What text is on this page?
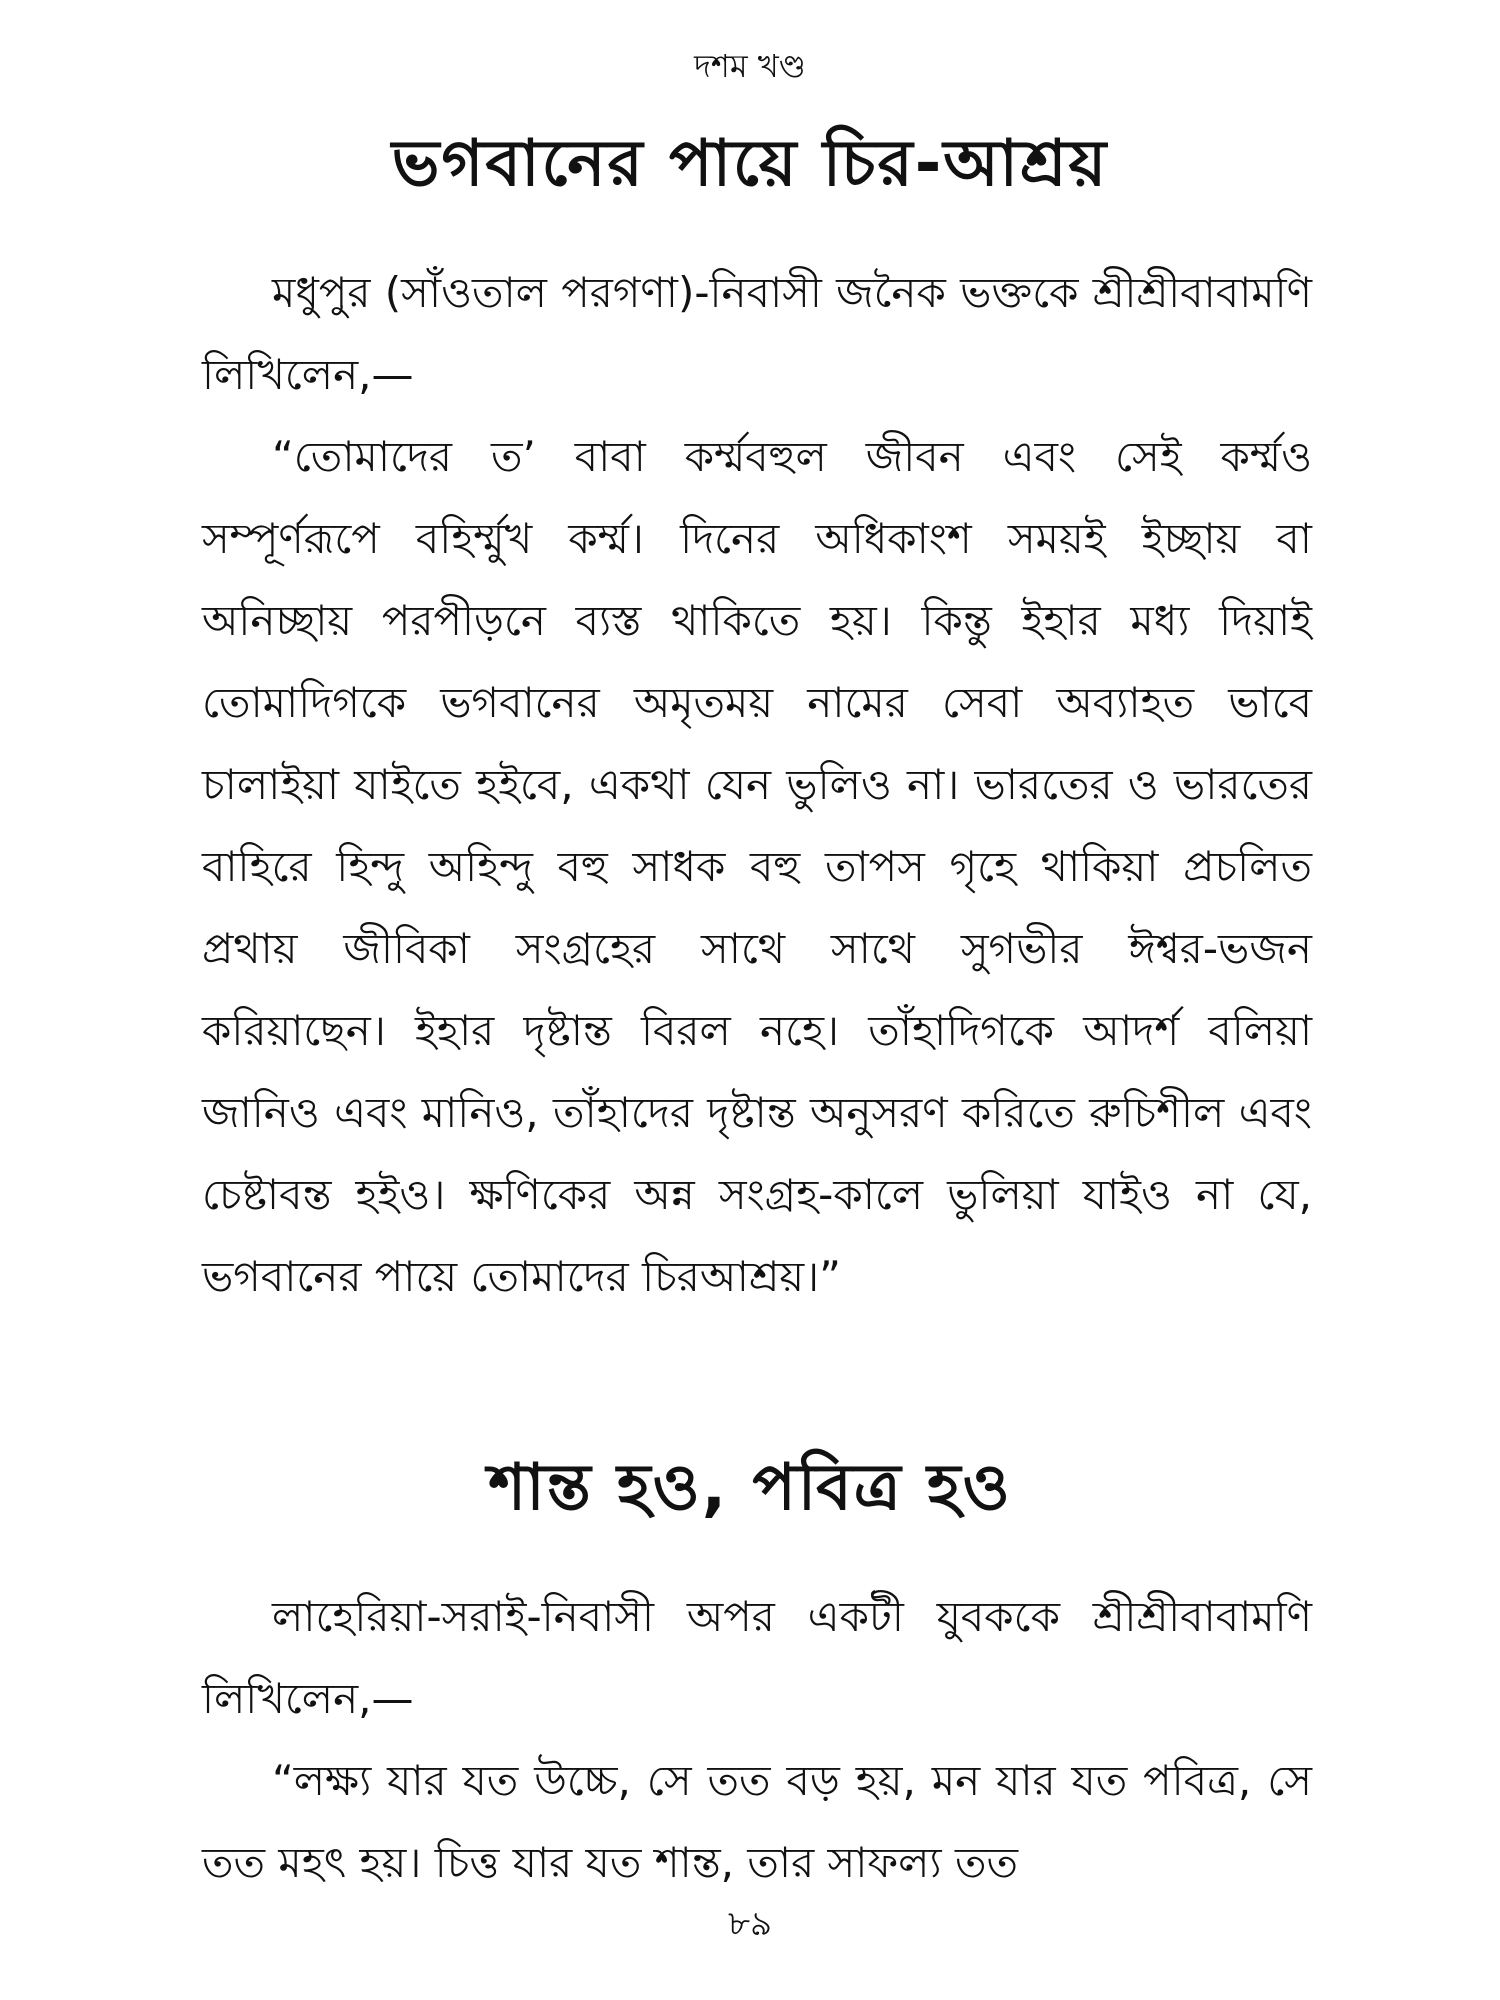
দশম খণ্ড
ভগবানের পায়ে চির-আশ্রয়

মধুপুর (সাঁওতাল পরগণা)-নিবাসী জনৈক ভক্তকে শ্রীশ্রীবাবামণি লিখিলেন,—

“তোমাদের ত’ বাবা কর্ম্মবহুল জীবন এবং সেই কর্ম্মও সম্পূর্ণরূপে বহির্ম্মুখ কর্ম্ম। দিনের অধিকাংশ সময়ই ইচ্ছায় বা অনিচ্ছায় পরপীড়নে ব্যস্ত থাকিতে হয়। কিন্তু ইহার মধ্য দিয়াই তোমাদিগকে ভগবানের অমৃতময় নামের সেবা অব্যাহত ভাবে চালাইয়া যাইতে হইবে, একথা যেন ভুলিও না। ভারতের ও ভারতের বাহিরে হিন্দু অহিন্দু বহু সাধক বহু তাপস গৃহে থাকিয়া প্রচলিত প্রথায় জীবিকা সংগ্রহের সাথে সাথে সুগভীর ঈশ্বর-ভজন করিয়াছেন। ইহার দৃষ্টান্ত বিরল নহে। তাঁহাদিগকে আদর্শ বলিয়া জানিও এবং মানিও, তাঁহাদের দৃষ্টান্ত অনুসরণ করিতে রুচিশীল এবং চেষ্টাবন্ত হইও। ক্ষণিকের অন্ন সংগ্রহ-কালে ভুলিয়া যাইও না যে, ভগবানের পায়ে তোমাদের চিরআশ্রয়।”

শান্ত হও, পবিত্র হও

লাহেরিয়া-সরাই-নিবাসী অপর একটী যুবককে শ্রীশ্রীবাবামণি লিখিলেন,—

“লক্ষ্য যার যত উচ্চে, সে তত বড় হয়, মন যার যত পবিত্র, সে তত মহৎ হয়। চিত্ত যার যত শান্ত, তার সাফল্য তত

৮৯
